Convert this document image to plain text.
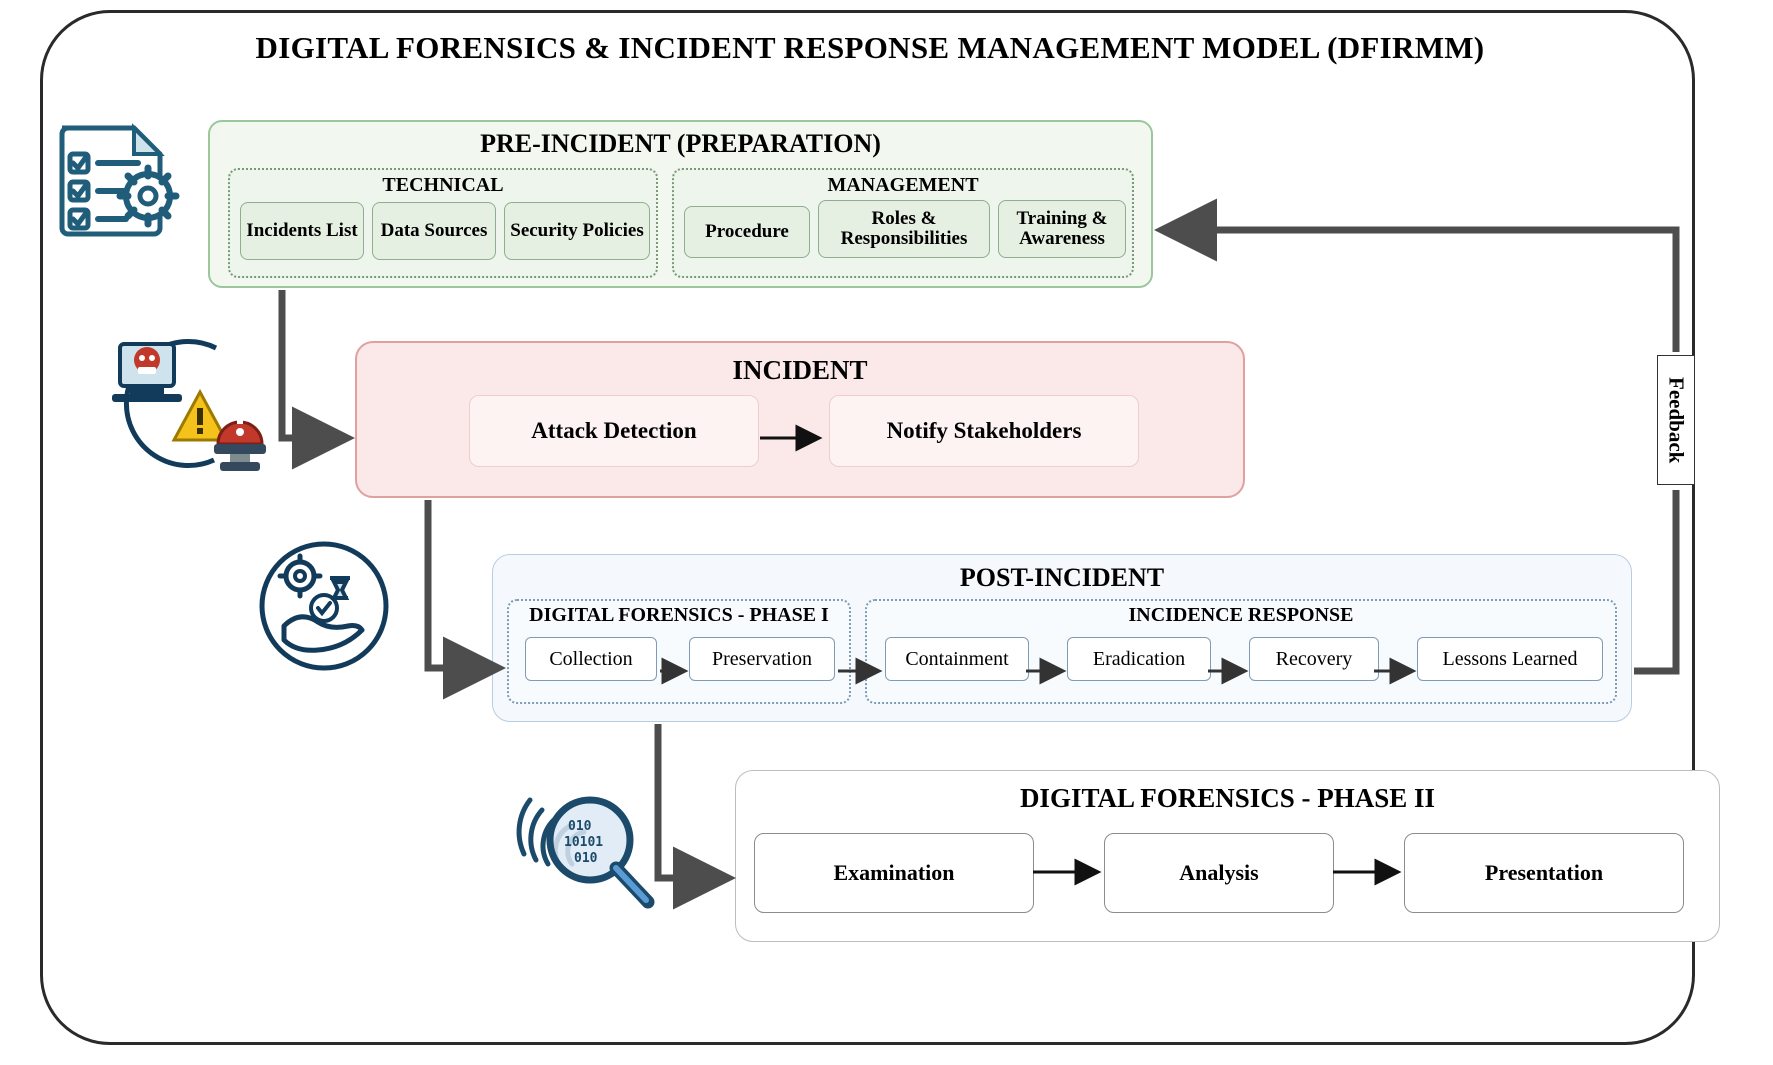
DIGITAL FORENSICS & INCIDENT RESPONSE MANAGEMENT MODEL (DFIRMM)
010
10101
010
PRE-INCIDENT (PREPARATION)
TECHNICAL
Incidents List	Data Sources	Security Policies
MANAGEMENT
Procedure
Roles & Responsibilities
Training & Awareness
INCIDENT
Attack Detection	Notify Stakeholders
POST-INCIDENT
DIGITAL FORENSICS - PHASE I
Collection	Preservation
INCIDENCE RESPONSE
Containment	Eradication	Recovery	Lessons Learned
DIGITAL FORENSICS - PHASE II
Examination	Analysis	Presentation
Feedback
